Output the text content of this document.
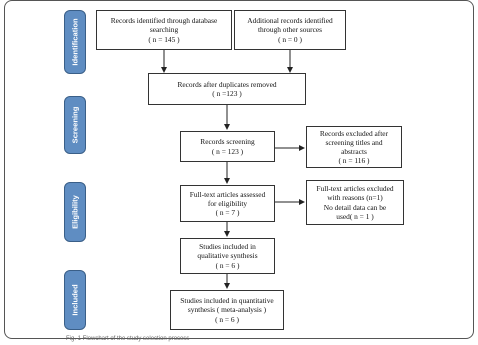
Identification
Screening
Eligibility
Included
Records identified through database
searching
( n = 145 )
Additional records identified
through other sources
( n = 0 )
Records after duplicates removed
( n =123 )
Records screening
( n = 123 )
Records excluded after
screening titles and
abstracts
( n = 116 )
Full-text articles assessed
for eligibility
( n = 7 )
Full-text articles excluded
with reasons (n=1)
No detail data can be
used( n = 1 )
Studies included in
qualitative synthesis
( n = 6 )
Studies included in quantitative
synthesis ( meta-analysis )
( n = 6 )
Fig. 1 Flowchart of the study selection process
